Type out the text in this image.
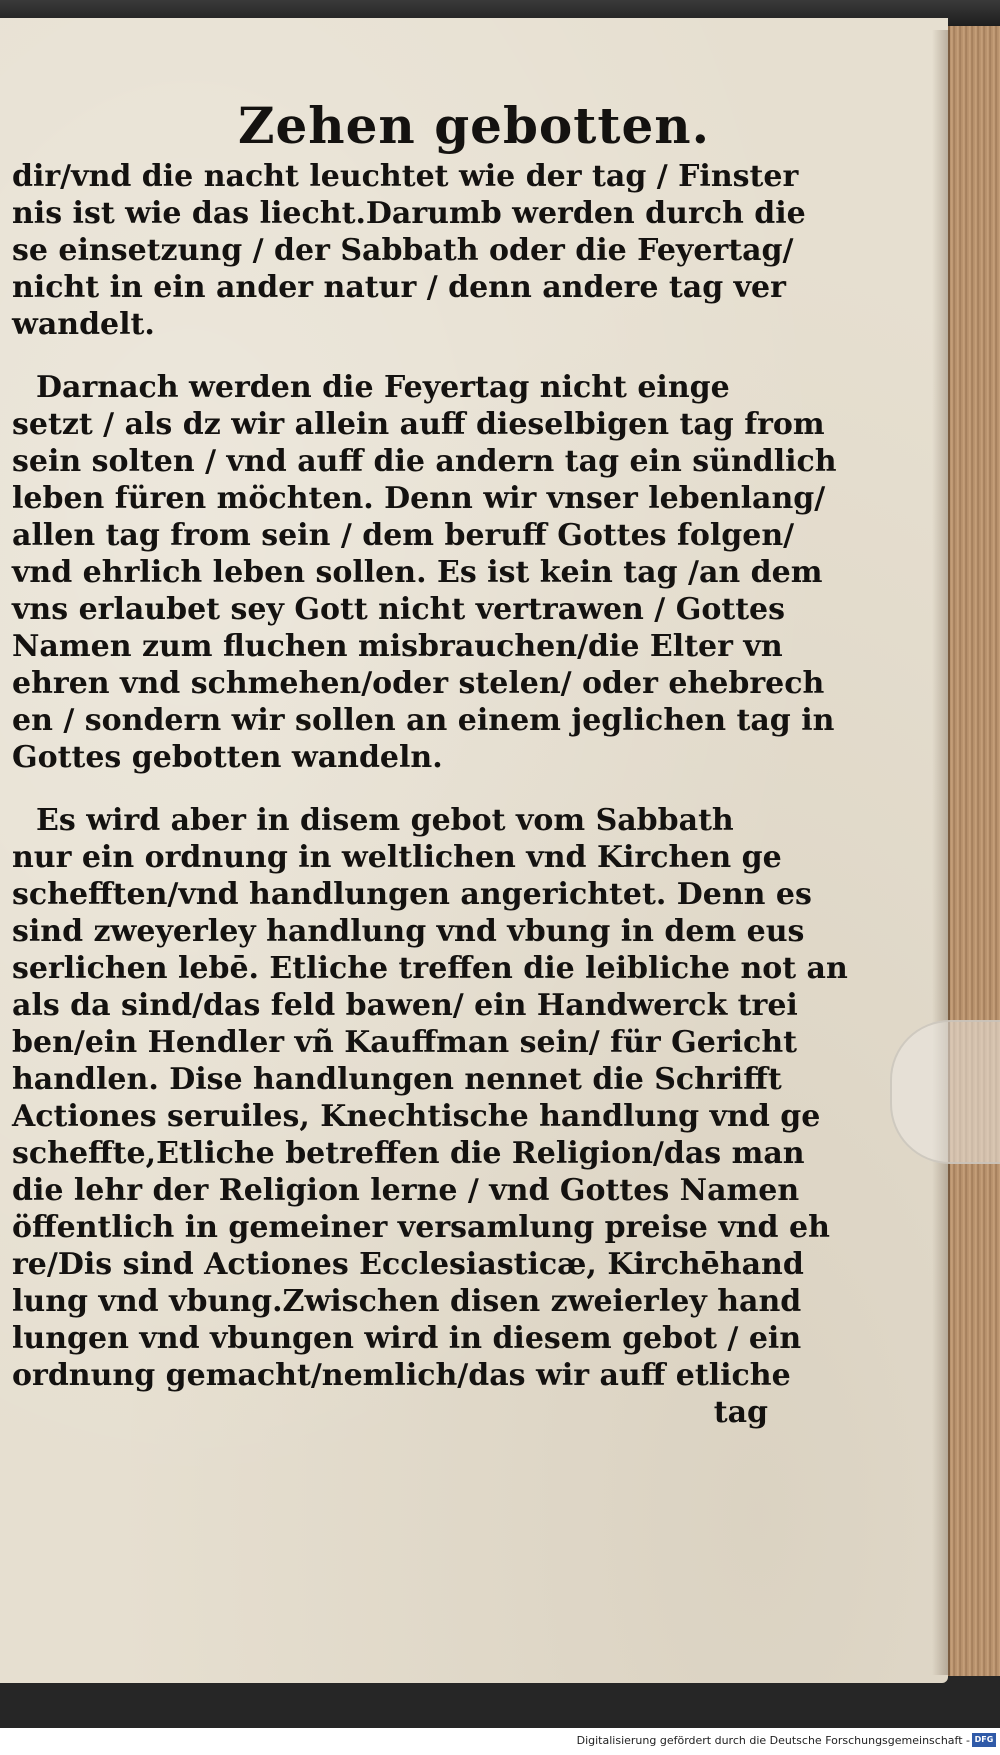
Zehen gebotten.
dir/vnd die nacht leuchtet wie der tag / Finster
nis ist wie das liecht.Darumb werden durch die
se einsetzung / der Sabbath oder die Feyertag/
nicht in ein ander natur / denn andere tag ver
wandelt.
Darnach werden die Feyertag nicht einge
setzt / als dz wir allein auff dieselbigen tag from
sein solten / vnd auff die andern tag ein sündlich
leben füren möchten. Denn wir vnser lebenlang/
allen tag from sein / dem beruff Gottes folgen/
vnd ehrlich leben sollen. Es ist kein tag /an dem
vns erlaubet sey Gott nicht vertrawen / Gottes
Namen zum fluchen misbrauchen/die Elter vn
ehren vnd schmehen/oder stelen/ oder ehebrech
en / sondern wir sollen an einem jeglichen tag in
Gottes gebotten wandeln.
Es wird aber in disem gebot vom Sabbath
nur ein ordnung in weltlichen vnd Kirchen ge
schefften/vnd handlungen angerichtet. Denn es
sind zweyerley handlung vnd vbung in dem eus
serlichen lebē. Etliche treffen die leibliche not an
als da sind/das feld bawen/ ein Handwerck trei
ben/ein Hendler vñ Kauffman sein/ für Gericht
handlen. Dise handlungen nennet die Schrifft
Actiones seruiles, Knechtische handlung vnd ge
scheffte,Etliche betreffen die Religion/das man
die lehr der Religion lerne / vnd Gottes Namen
öffentlich in gemeiner versamlung preise vnd eh
re/Dis sind Actiones Ecclesiasticæ, Kirchēhand
lung vnd vbung.Zwischen disen zweierley hand
lungen vnd vbungen wird in diesem gebot / ein
ordnung gemacht/nemlich/das wir auff etliche
tag
Digitalisierung gefördert durch die Deutsche Forschungsgemeinschaft - DFG
